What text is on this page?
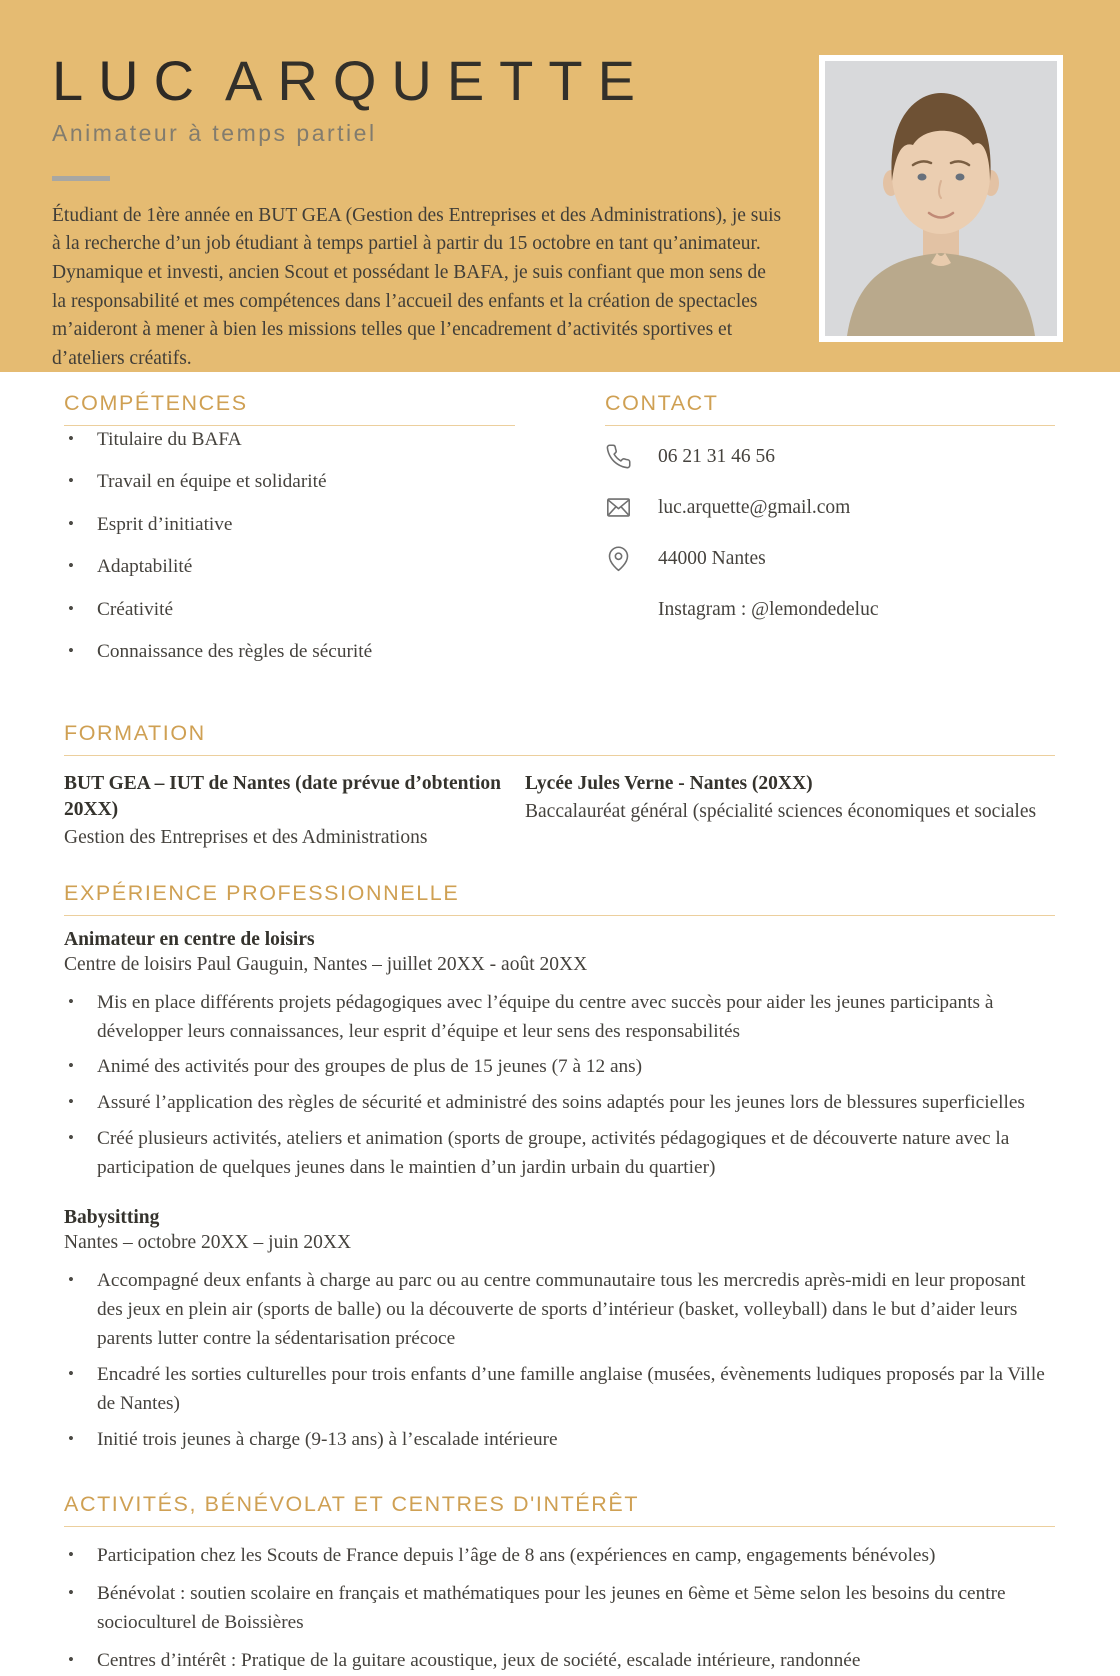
LUC ARQUETTE
Animateur à temps partiel

Étudiant de 1ère année en BUT GEA (Gestion des Entreprises et des Administrations), je suis à la recherche d’un job étudiant à temps partiel à partir du 15 octobre en tant qu’animateur. Dynamique et investi, ancien Scout et possédant le BAFA, je suis confiant que mon sens de la responsabilité et mes compétences dans l’accueil des enfants et la création de spectacles m’aideront à mener à bien les missions telles que l’encadrement d’activités sportives et d’ateliers créatifs.

COMPÉTENCES
• Titulaire du BAFA
• Travail en équipe et solidarité
• Esprit d’initiative
• Adaptabilité
• Créativité
• Connaissance des règles de sécurité
CONTACT
06 21 31 46 56
luc.arquette@gmail.com
44000 Nantes
Instagram : @lemondedeluc
FORMATION
BUT GEA – IUT de Nantes (date prévue d’obtention 20XX)
Gestion des Entreprises et des Administrations
Lycée Jules Verne - Nantes (20XX)
Baccalauréat général (spécialité sciences économiques et sociales
EXPÉRIENCE PROFESSIONNELLE
Animateur en centre de loisirs
Centre de loisirs Paul Gauguin, Nantes – juillet 20XX - août 20XX
• Mis en place différents projets pédagogiques avec l’équipe du centre avec succès pour aider les jeunes participants à développer leurs connaissances, leur esprit d’équipe et leur sens des responsabilités
• Animé des activités pour des groupes de plus de 15 jeunes (7 à 12 ans)
• Assuré l’application des règles de sécurité et administré des soins adaptés pour les jeunes lors de blessures superficielles
• Créé plusieurs activités, ateliers et animation (sports de groupe, activités pédagogiques et de découverte nature avec la participation de quelques jeunes dans le maintien d’un jardin urbain du quartier)
Babysitting
Nantes – octobre 20XX – juin 20XX
• Accompagné deux enfants à charge au parc ou au centre communautaire tous les mercredis après-midi en leur proposant des jeux en plein air (sports de balle) ou la découverte de sports d’intérieur (basket, volleyball) dans le but d’aider leurs parents lutter contre la sédentarisation précoce
• Encadré les sorties culturelles pour trois enfants d’une famille anglaise (musées, évènements ludiques proposés par la Ville de Nantes)
• Initié trois jeunes à charge (9-13 ans) à l’escalade intérieure
ACTIVITÉS, BÉNÉVOLAT ET CENTRES D'INTÉRÊT
• Participation chez les Scouts de France depuis l’âge de 8 ans (expériences en camp, engagements bénévoles)
• Bénévolat : soutien scolaire en français et mathématiques pour les jeunes en 6ème et 5ème selon les besoins du centre socioculturel de Boissières
• Centres d’intérêt : Pratique de la guitare acoustique, jeux de société, escalade intérieure, randonnée
